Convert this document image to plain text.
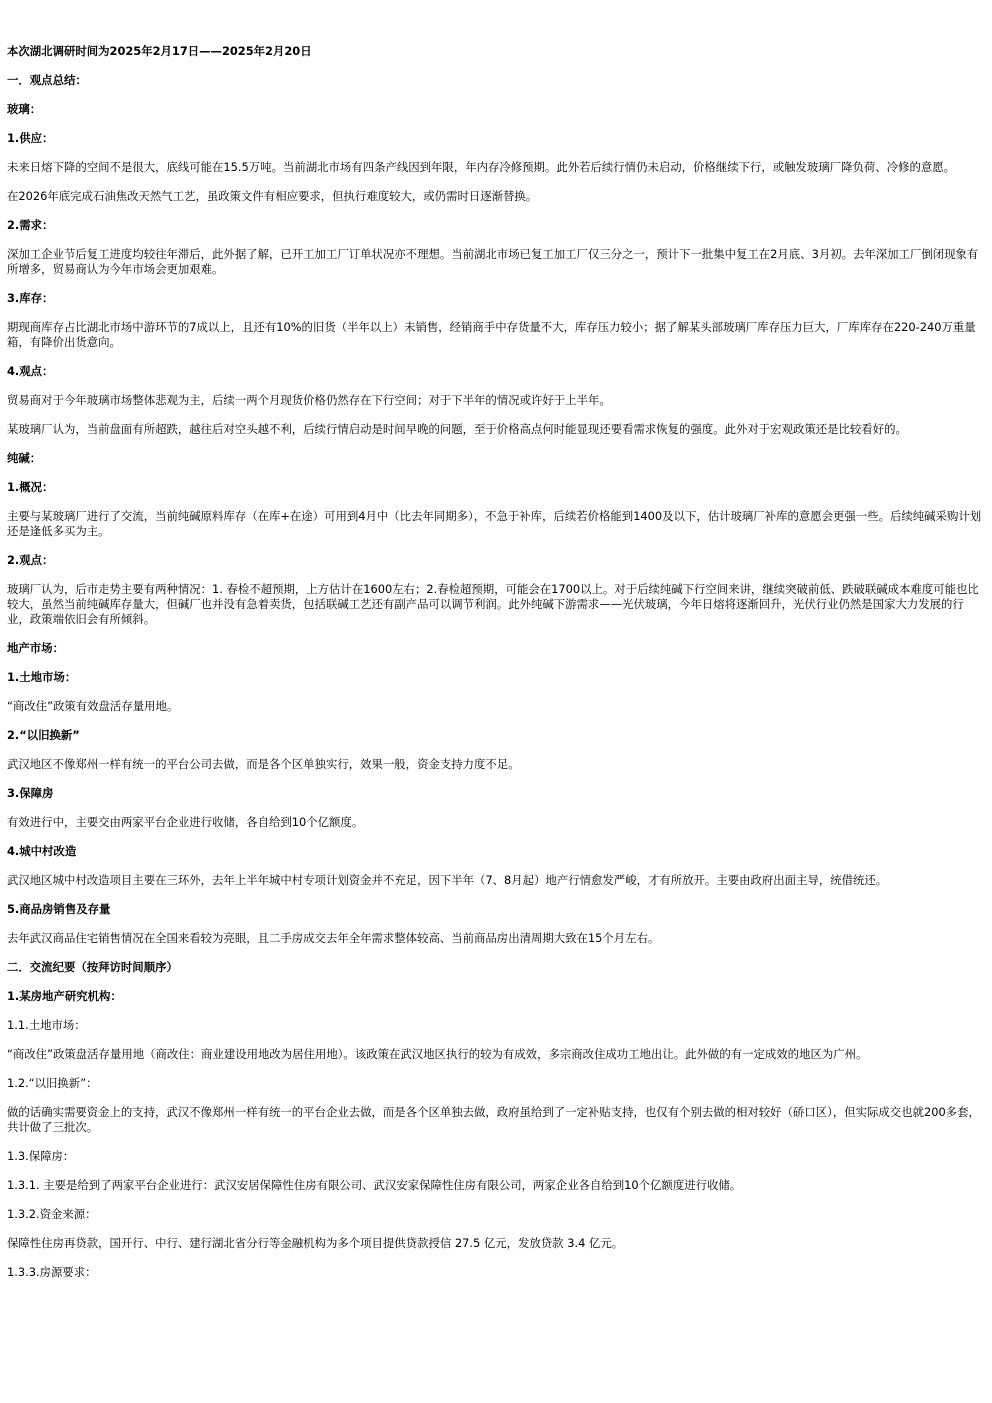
本次湖北调研时间为2025年2月17日——2025年2月20日

一．观点总结：

玻璃：

1.供应：

未来日熔下降的空间不是很大，底线可能在15.5万吨。当前湖北市场有四条产线因到年限，年内存冷修预期。此外若后续行情仍未启动，价格继续下行，或触发玻璃厂降负荷、冷修的意愿。

在2026年底完成石油焦改天然气工艺，虽政策文件有相应要求，但执行难度较大，或仍需时日逐渐替换。

2.需求：

深加工企业节后复工进度均较往年滞后，此外据了解，已开工加工厂订单状况亦不理想。当前湖北市场已复工加工厂仅三分之一，预计下一批集中复工在2月底、3月初。去年深加工厂倒闭现象有所增多，贸易商认为今年市场会更加艰难。

3.库存：

期现商库存占比湖北市场中游环节的7成以上，且还有10%的旧货（半年以上）未销售，经销商手中存货量不大，库存压力较小；据了解某头部玻璃厂库存压力巨大，厂库库存在220-240万重量箱，有降价出货意向。

4.观点：

贸易商对于今年玻璃市场整体悲观为主，后续一两个月现货价格仍然存在下行空间；对于下半年的情况或许好于上半年。

某玻璃厂认为，当前盘面有所超跌，越往后对空头越不利，后续行情启动是时间早晚的问题，至于价格高点何时能显现还要看需求恢复的强度。此外对于宏观政策还是比较看好的。

纯碱：

1.概况：

主要与某玻璃厂进行了交流，当前纯碱原料库存（在库+在途）可用到4月中（比去年同期多），不急于补库，后续若价格能到1400及以下，估计玻璃厂补库的意愿会更强一些。后续纯碱采购计划还是逢低多买为主。

2.观点：

玻璃厂认为，后市走势主要有两种情况：1. 春检不超预期，上方估计在1600左右；2.春检超预期，可能会在1700以上。对于后续纯碱下行空间来讲，继续突破前低、跌破联碱成本难度可能也比较大，虽然当前纯碱库存量大，但碱厂也并没有急着卖货，包括联碱工艺还有副产品可以调节利润。此外纯碱下游需求——光伏玻璃，今年日熔将逐渐回升，光伏行业仍然是国家大力发展的行业，政策端依旧会有所倾斜。

地产市场：

1.土地市场：

“商改住”政策有效盘活存量用地。

2.“以旧换新”

武汉地区不像郑州一样有统一的平台公司去做，而是各个区单独实行，效果一般，资金支持力度不足。

3.保障房

有效进行中，主要交由两家平台企业进行收储，各自给到10个亿额度。

4.城中村改造

武汉地区城中村改造项目主要在三环外，去年上半年城中村专项计划资金并不充足，因下半年（7、8月起）地产行情愈发严峻，才有所放开。主要由政府出面主导，统借统还。

5.商品房销售及存量

去年武汉商品住宅销售情况在全国来看较为亮眼，且二手房成交去年全年需求整体较高、当前商品房出清周期大致在15个月左右。

二．交流纪要（按拜访时间顺序）

1.某房地产研究机构：

1.1.土地市场：

“商改住”政策盘活存量用地（商改住：商业建设用地改为居住用地）。该政策在武汉地区执行的较为有成效，多宗商改住成功工地出让。此外做的有一定成效的地区为广州。

1.2.“以旧换新”：

做的话确实需要资金上的支持，武汉不像郑州一样有统一的平台企业去做，而是各个区单独去做，政府虽给到了一定补贴支持，也仅有个别去做的相对较好（硚口区），但实际成交也就200多套，共计做了三批次。

1.3.保障房：

1.3.1. 主要是给到了两家平台企业进行：武汉安居保障性住房有限公司、武汉安家保障性住房有限公司，两家企业各自给到10个亿额度进行收储。

1.3.2.资金来源：

保障性住房再贷款，国开行、中行、建行湖北省分行等金融机构为多个项目提供贷款授信 27.5 亿元，发放贷款 3.4 亿元。

1.3.3.房源要求：
